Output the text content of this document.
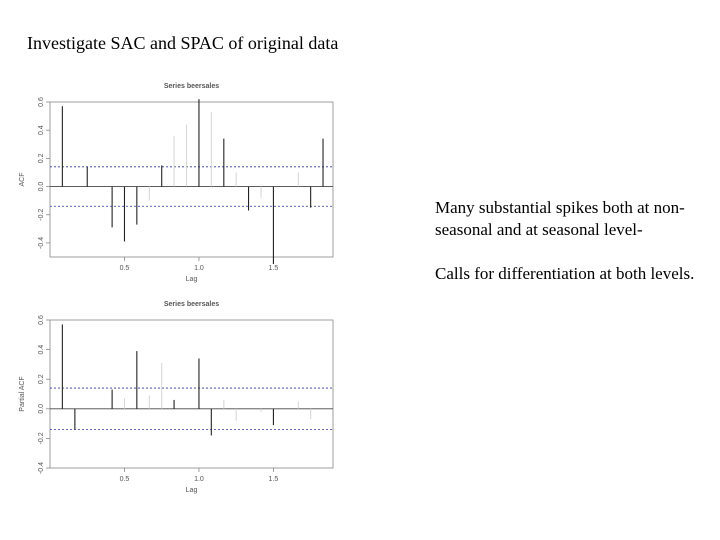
Investigate SAC and SPAC of original data
Series beersales
-0.4
-0.2
0.0
0.2
0.4
0.6
0.5	1.0	1.5
Lag
ACF
Series beersales
-0.4
-0.2
0.0
0.2
0.4
0.6
0.5	1.0	1.5
Lag
Partial ACF

Many substantial spikes both at non-seasonal and at seasonal level-

Calls for differentiation at both levels.
